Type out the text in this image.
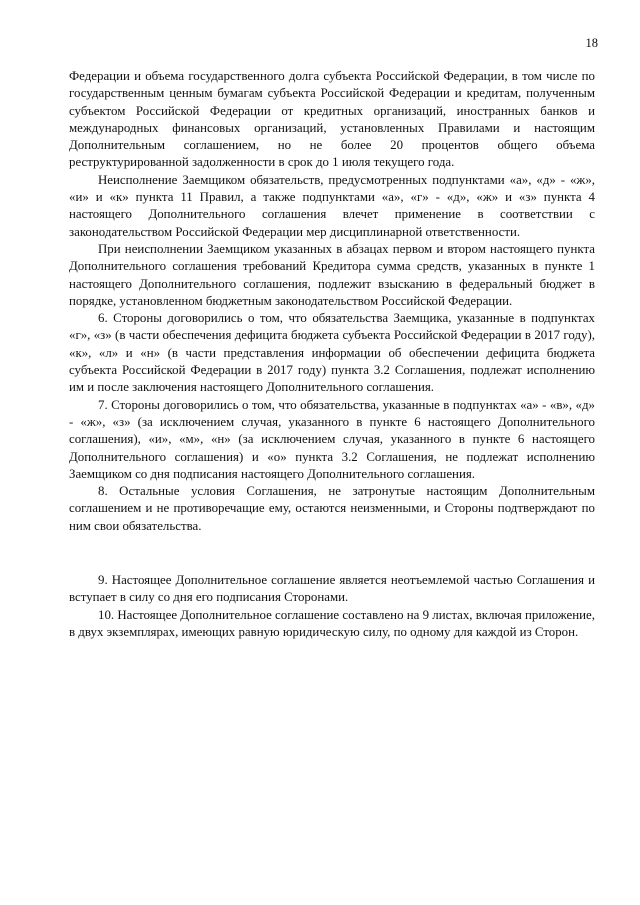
18

Федерации и объема государственного долга субъекта Российской Федерации, в том числе по государственным ценным бумагам субъекта Российской Федерации и кредитам, полученным субъектом Российской Федерации от кредитных организаций, иностранных банков и международных финансовых организаций, установленных Правилами и настоящим Дополнительным соглашением, но не более 20 процентов общего объема реструктурированной задолженности в срок до 1 июля текущего года.

Неисполнение Заемщиком обязательств, предусмотренных подпунктами «а», «д» - «ж», «и» и «к» пункта 11 Правил, а также подпунктами «а», «г» - «д», «ж» и «з» пункта 4 настоящего Дополнительного соглашения влечет применение в соответствии с законодательством Российской Федерации мер дисциплинарной ответственности.

При неисполнении Заемщиком указанных в абзацах первом и втором настоящего пункта Дополнительного соглашения требований Кредитора сумма средств, указанных в пункте 1 настоящего Дополнительного соглашения, подлежит взысканию в федеральный бюджет в порядке, установленном бюджетным законодательством Российской Федерации.

6. Стороны договорились о том, что обязательства Заемщика, указанные в подпунктах «г», «з» (в части обеспечения дефицита бюджета субъекта Российской Федерации в 2017 году), «к», «л» и «н» (в части представления информации об обеспечении дефицита бюджета субъекта Российской Федерации в 2017 году) пункта 3.2 Соглашения, подлежат исполнению им и после заключения настоящего Дополнительного соглашения.

7. Стороны договорились о том, что обязательства, указанные в подпунктах «а» - «в», «д» - «ж», «з» (за исключением случая, указанного в пункте 6 настоящего Дополнительного соглашения), «и», «м», «н» (за исключением случая, указанного в пункте 6 настоящего Дополнительного соглашения) и «о» пункта 3.2 Соглашения, не подлежат исполнению Заемщиком со дня подписания настоящего Дополнительного соглашения.

8. Остальные условия Соглашения, не затронутые настоящим Дополнительным соглашением и не противоречащие ему, остаются неизменными, и Стороны подтверждают по ним свои обязательства.

9. Настоящее Дополнительное соглашение является неотъемлемой частью Соглашения и вступает в силу со дня его подписания Сторонами.

10. Настоящее Дополнительное соглашение составлено на 9 листах, включая приложение, в двух экземплярах, имеющих равную юридическую силу, по одному для каждой из Сторон.
